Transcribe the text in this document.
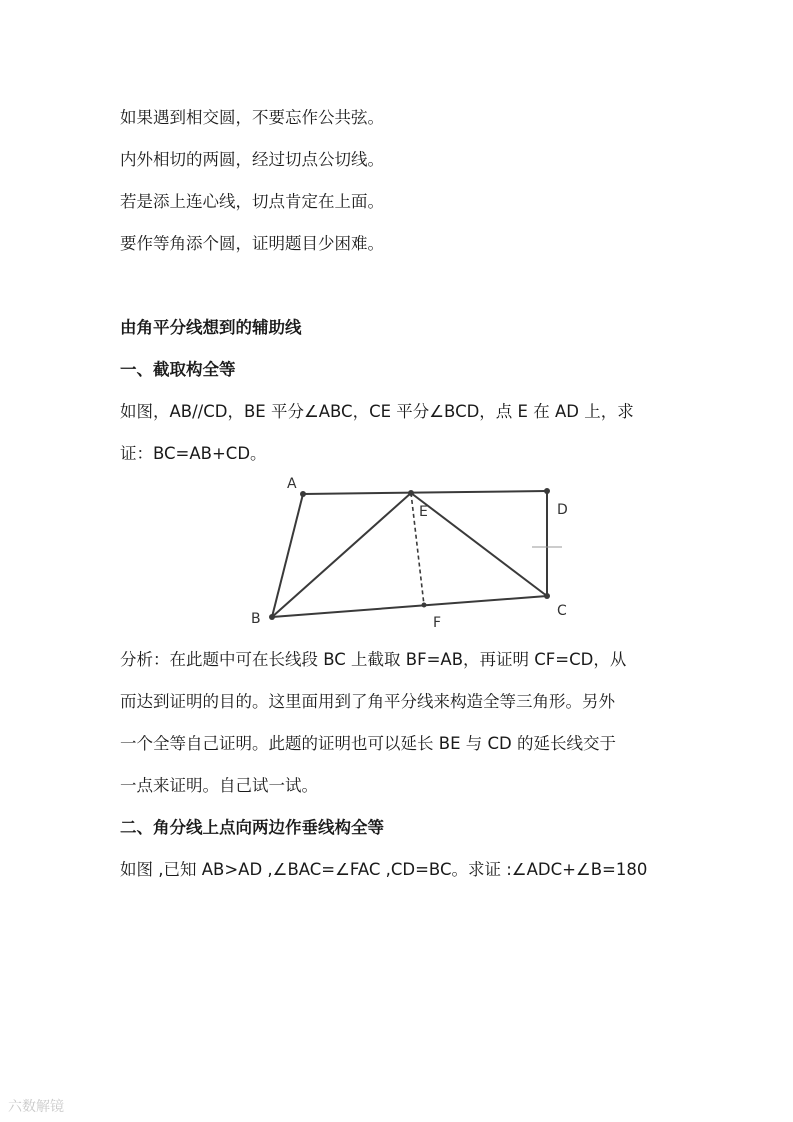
如果遇到相交圆，不要忘作公共弦。
内外相切的两圆，经过切点公切线。
若是添上连心线，切点肯定在上面。
要作等角添个圆，证明题目少困难。
由角平分线想到的辅助线
一、截取构全等
如图，AB//CD，BE 平分∠ABC，CE 平分∠BCD，点 E 在 AD 上，求
证：BC=AB+CD。
A
E	D
B	C
F
分析：在此题中可在长线段 BC 上截取 BF=AB，再证明 CF=CD，从
而达到证明的目的。这里面用到了角平分线来构造全等三角形。另外
一个全等自己证明。此题的证明也可以延长 BE 与 CD 的延长线交于
一点来证明。自己试一试。
二、角分线上点向两边作垂线构全等
如图 ,已知 AB>AD ,∠BAC=∠FAC ,CD=BC。求证 :∠ADC+∠B=180
六数解镜
